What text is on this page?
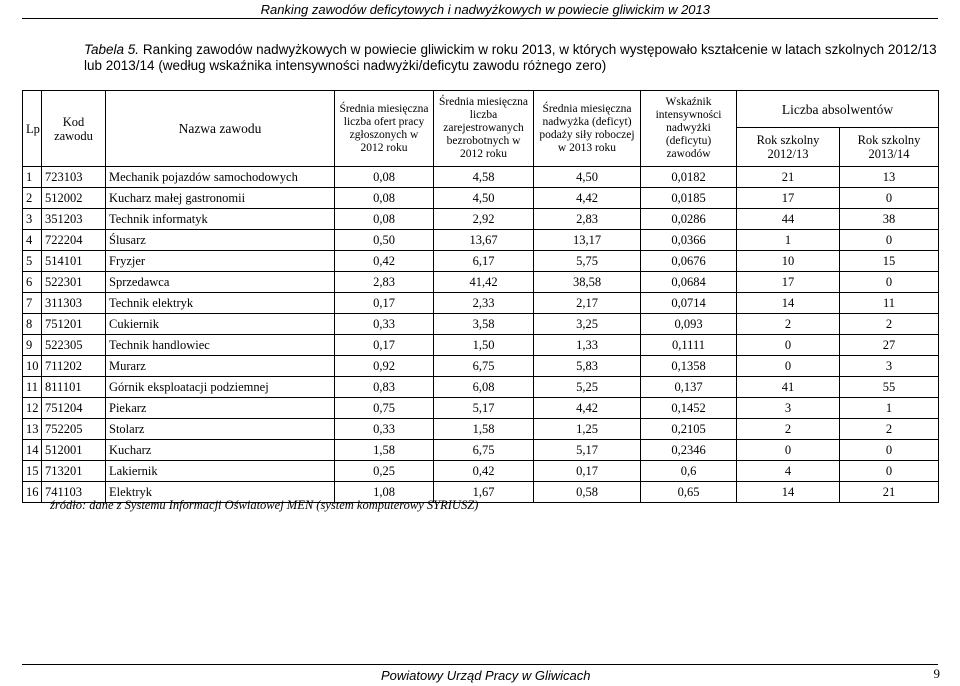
Ranking zawodów deficytowych i nadwyżkowych w powiecie gliwickim w 2013
Tabela 5. Ranking zawodów nadwyżkowych w powiecie gliwickim w roku 2013, w których występowało kształcenie w latach szkolnych 2012/13 lub 2013/14 (według wskaźnika intensywności nadwyżki/deficytu zawodu różnego zero)
Lp	Kod zawodu	Nazwa zawodu	Średnia miesięczna liczba ofert pracy zgłoszonych w 2012 roku	Średnia miesięczna liczba zarejestrowanych bezrobotnych w 2012 roku	Średnia miesięczna nadwyżka (deficyt) podaży siły roboczej w 2013 roku	Wskaźnik intensywności nadwyżki (deficytu) zawodów	Liczba absolwentów	
							Rok szkolny 2012/13	Rok szkolny 2013/14
1	723103	Mechanik pojazdów samochodowych	0,08	4,58	4,50	0,0182	21	13
2	512002	Kucharz małej gastronomii	0,08	4,50	4,42	0,0185	17	0
3	351203	Technik informatyk	0,08	2,92	2,83	0,0286	44	38
4	722204	Ślusarz	0,50	13,67	13,17	0,0366	1	0
5	514101	Fryzjer	0,42	6,17	5,75	0,0676	10	15
6	522301	Sprzedawca	2,83	41,42	38,58	0,0684	17	0
7	311303	Technik elektryk	0,17	2,33	2,17	0,0714	14	11
8	751201	Cukiernik	0,33	3,58	3,25	0,093	2	2
9	522305	Technik handlowiec	0,17	1,50	1,33	0,1111	0	27
10	711202	Murarz	0,92	6,75	5,83	0,1358	0	3
11	811101	Górnik eksploatacji podziemnej	0,83	6,08	5,25	0,137	41	55
12	751204	Piekarz	0,75	5,17	4,42	0,1452	3	1
13	752205	Stolarz	0,33	1,58	1,25	0,2105	2	2
14	512001	Kucharz	1,58	6,75	5,17	0,2346	0	0
15	713201	Lakiernik	0,25	0,42	0,17	0,6	4	0
16	741103	Elektryk	1,08	1,67	0,58	0,65	14	21
źródło: dane z Systemu Informacji Oświatowej MEN (system komputerowy SYRIUSZ)
Powiatowy Urząd Pracy w Gliwicach	9
